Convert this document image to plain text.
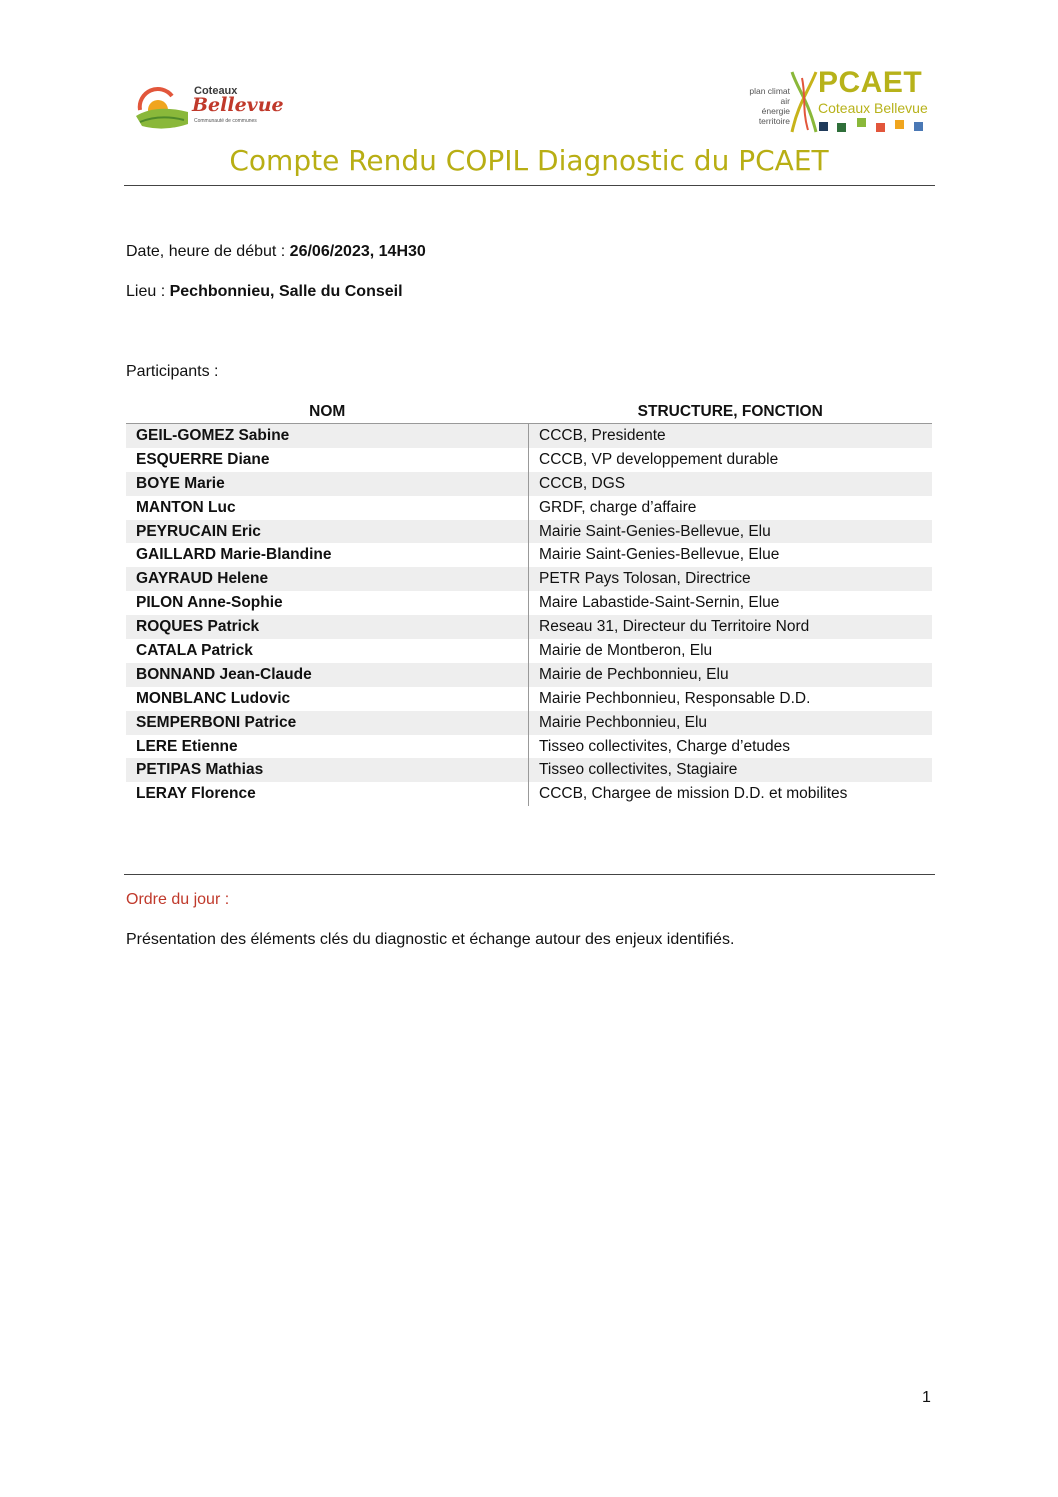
Coteaux
Bellevue
Communauté de communes
plan climat
air
énergie
territoire
PCAET
Coteaux Bellevue
Compte Rendu COPIL Diagnostic du PCAET
Date, heure de début : 26/06/2023, 14H30
Lieu : Pechbonnieu, Salle du Conseil
Participants :
NOM	STRUCTURE, FONCTION
GEIL-GOMEZ Sabine	CCCB, Presidente
ESQUERRE Diane	CCCB, VP developpement durable
BOYE Marie	CCCB, DGS
MANTON Luc	GRDF, charge d’affaire
PEYRUCAIN Eric	Mairie Saint-Genies-Bellevue, Elu
GAILLARD Marie-Blandine	Mairie Saint-Genies-Bellevue, Elue
GAYRAUD Helene	PETR Pays Tolosan, Directrice
PILON Anne-Sophie	Maire Labastide-Saint-Sernin, Elue
ROQUES Patrick	Reseau 31, Directeur du Territoire Nord
CATALA Patrick	Mairie de Montberon, Elu
BONNAND Jean-Claude	Mairie de Pechbonnieu, Elu
MONBLANC Ludovic	Mairie Pechbonnieu, Responsable D.D.
SEMPERBONI Patrice	Mairie Pechbonnieu, Elu
LERE Etienne	Tisseo collectivites, Charge d’etudes
PETIPAS Mathias	Tisseo collectivites, Stagiaire
LERAY Florence	CCCB, Chargee de mission D.D. et mobilites
Ordre du jour :
Présentation des éléments clés du diagnostic et échange autour des enjeux identifiés.
1
